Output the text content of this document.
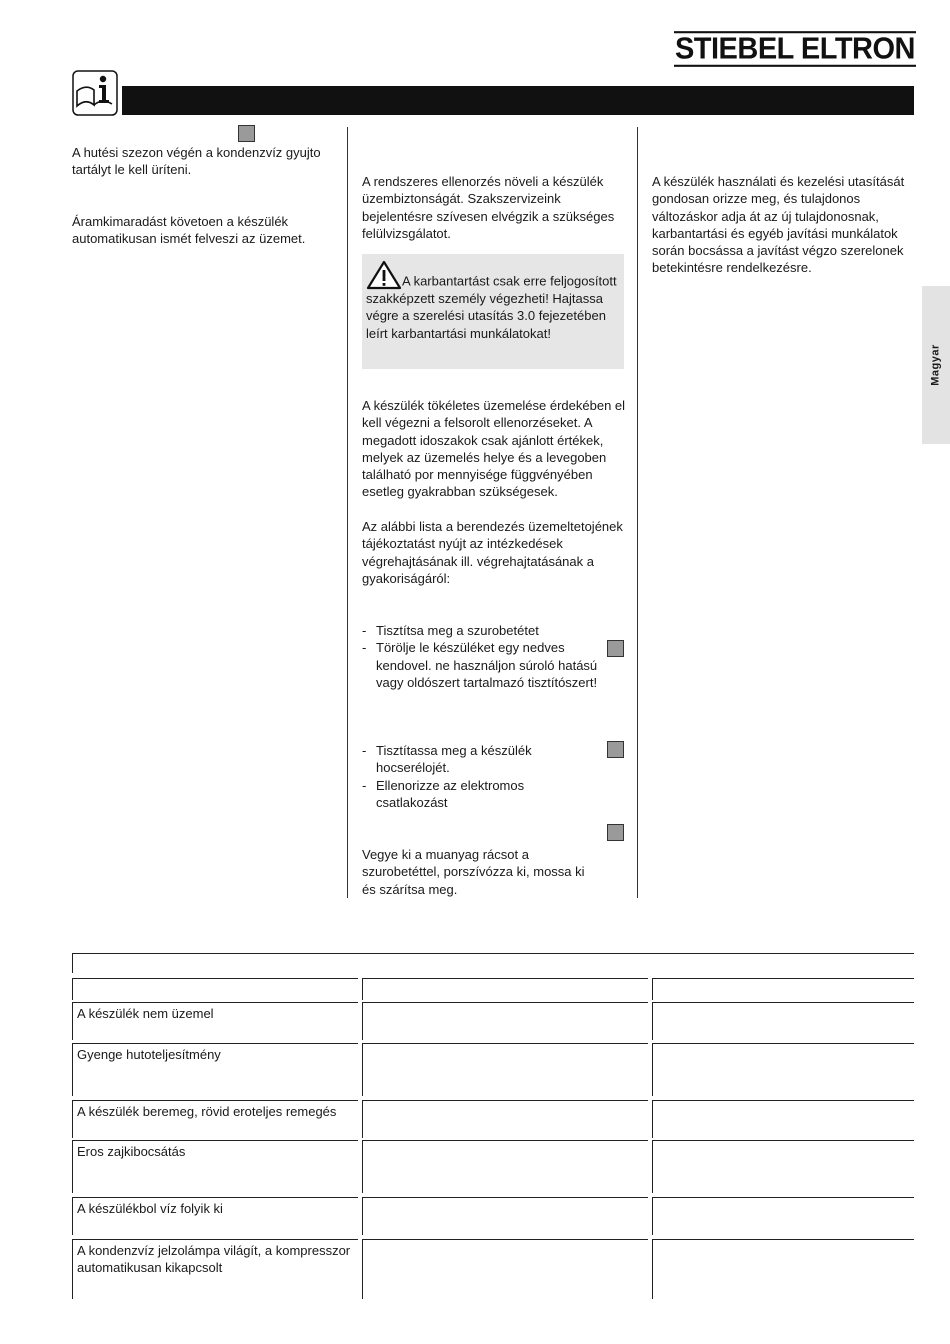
STIEBEL ELTRON

A hutési szezon végén a kondenzvíz gyujto tartályt le kell üríteni.

Áramkimaradást követoen a készülék automatikusan ismét felveszi az üzemet.

A rendszeres ellenorzés növeli a készülék üzembiztonságát. Szakszervizeink bejelentésre szívesen elvégzik a szükséges felülvizsgálatot.

A karbantartást csak erre feljogosított szakképzett személy végezheti! Hajtassa végre a szerelési utasítás 3.0 fejezetében leírt karbantartási munkálatokat!

A készülék tökéletes üzemelése érdekében el kell végezni a felsorolt ellenorzéseket. A megadott idoszakok csak ajánlott értékek, melyek az üzemelés helye és a levegoben található por mennyisége függvényében esetleg gyakrabban szükségesek.

Az alábbi lista a berendezés üzemeltetojének tájékoztatást nyújt az intézkedések végrehajtásának ill. végrehajtatásának a gyakoriságáról:

- Tisztítsa meg a szurobetétet
- Törölje le készüléket egy nedves kendovel. ne használjon súroló hatású vagy oldószert tartalmazó tisztítószert!
- Tisztítassa meg a készülék hocserélojét.
- Ellenorizze az elektromos csatlakozást

Vegye ki a muanyag rácsot a szurobetéttel, porszívózza ki, mossa ki és szárítsa meg.

A készülék használati és kezelési utasítását gondosan orizze meg, és tulajdonos változáskor adja át az új tulajdonosnak, karbantartási és egyéb javítási munkálatok során bocsássa a javítást végzo szerelonek betekintésre rendelkezésre.

Magyar
A készülék nem üzemel
Gyenge hutoteljesítmény
A készülék beremeg, rövid eroteljes remegés
Eros zajkibocsátás
A készülékbol víz folyik ki
A kondenzvíz jelzolámpa világít, a kompresszor automatikusan kikapcsolt
